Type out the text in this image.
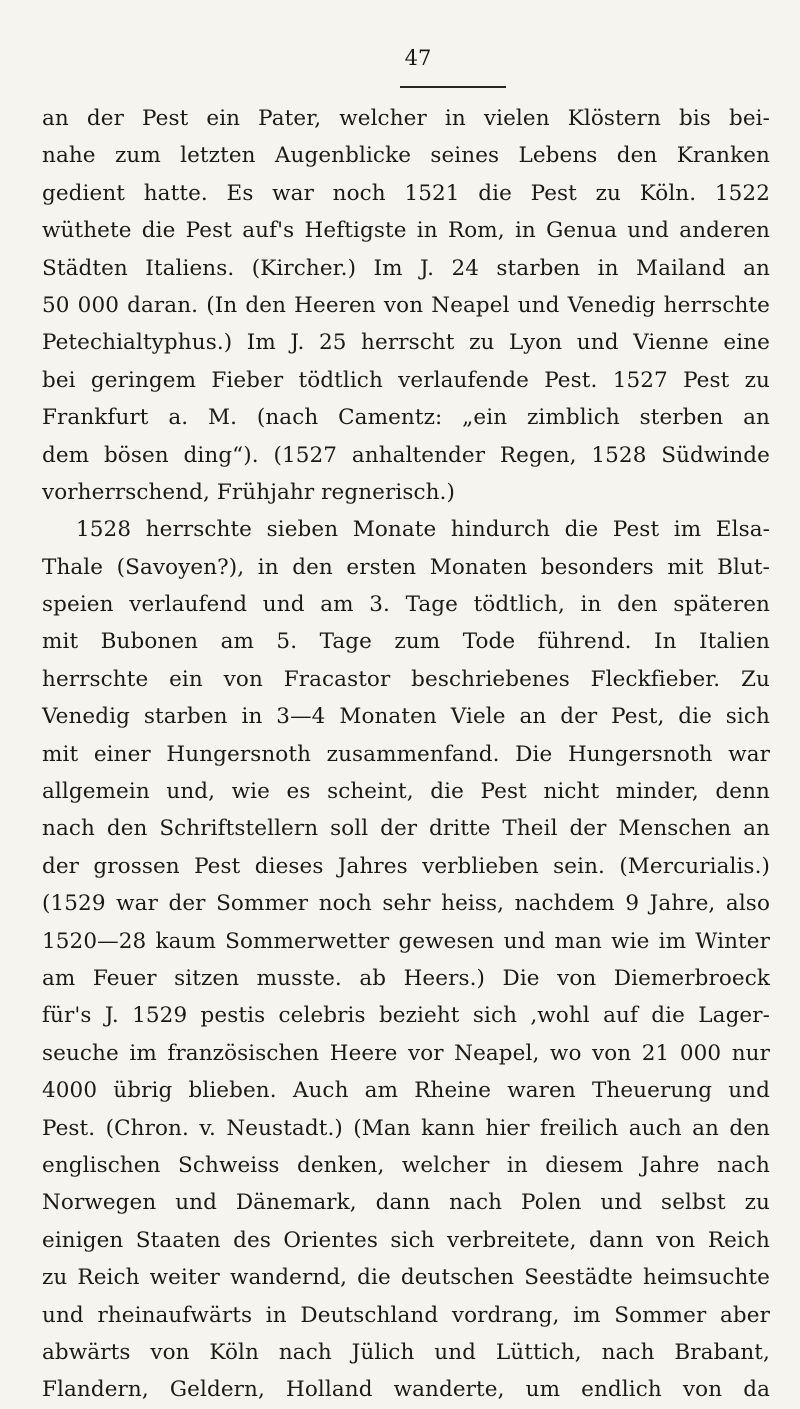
47
an der Pest ein Pater, welcher in vielen Klöstern bis bei-
nahe zum letzten Augenblicke seines Lebens den Kranken
gedient hatte. Es war noch 1521 die Pest zu Köln. 1522
wüthete die Pest auf's Heftigste in Rom, in Genua und anderen
Städten Italiens. (Kircher.) Im J. 24 starben in Mailand an
50 000 daran. (In den Heeren von Neapel und Venedig herrschte
Petechialtyphus.) Im J. 25 herrscht zu Lyon und Vienne eine
bei geringem Fieber tödtlich verlaufende Pest. 1527 Pest zu
Frankfurt a. M. (nach Camentz: „ein zimblich sterben an
dem bösen ding“). (1527 anhaltender Regen, 1528 Südwinde
vorherrschend, Frühjahr regnerisch.)
1528 herrschte sieben Monate hindurch die Pest im Elsa-
Thale (Savoyen?), in den ersten Monaten besonders mit Blut-
speien verlaufend und am 3. Tage tödtlich, in den späteren
mit Bubonen am 5. Tage zum Tode führend. In Italien
herrschte ein von Fracastor beschriebenes Fleckfieber. Zu
Venedig starben in 3—4 Monaten Viele an der Pest, die sich
mit einer Hungersnoth zusammenfand. Die Hungersnoth war
allgemein und, wie es scheint, die Pest nicht minder, denn
nach den Schriftstellern soll der dritte Theil der Menschen an
der grossen Pest dieses Jahres verblieben sein. (Mercurialis.)
(1529 war der Sommer noch sehr heiss, nachdem 9 Jahre, also
1520—28 kaum Sommerwetter gewesen und man wie im Winter
am Feuer sitzen musste. ab Heers.) Die von Diemerbroeck
für's J. 1529 pestis celebris bezieht sich ,wohl auf die Lager-
seuche im französischen Heere vor Neapel, wo von 21 000 nur
4000 übrig blieben. Auch am Rheine waren Theuerung und
Pest. (Chron. v. Neustadt.) (Man kann hier freilich auch an den
englischen Schweiss denken, welcher in diesem Jahre nach
Norwegen und Dänemark, dann nach Polen und selbst zu
einigen Staaten des Orientes sich verbreitete, dann von Reich
zu Reich weiter wandernd, die deutschen Seestädte heimsuchte
und rheinaufwärts in Deutschland vordrang, im Sommer aber
abwärts von Köln nach Jülich und Lüttich, nach Brabant,
Flandern, Geldern, Holland wanderte, um endlich von da
